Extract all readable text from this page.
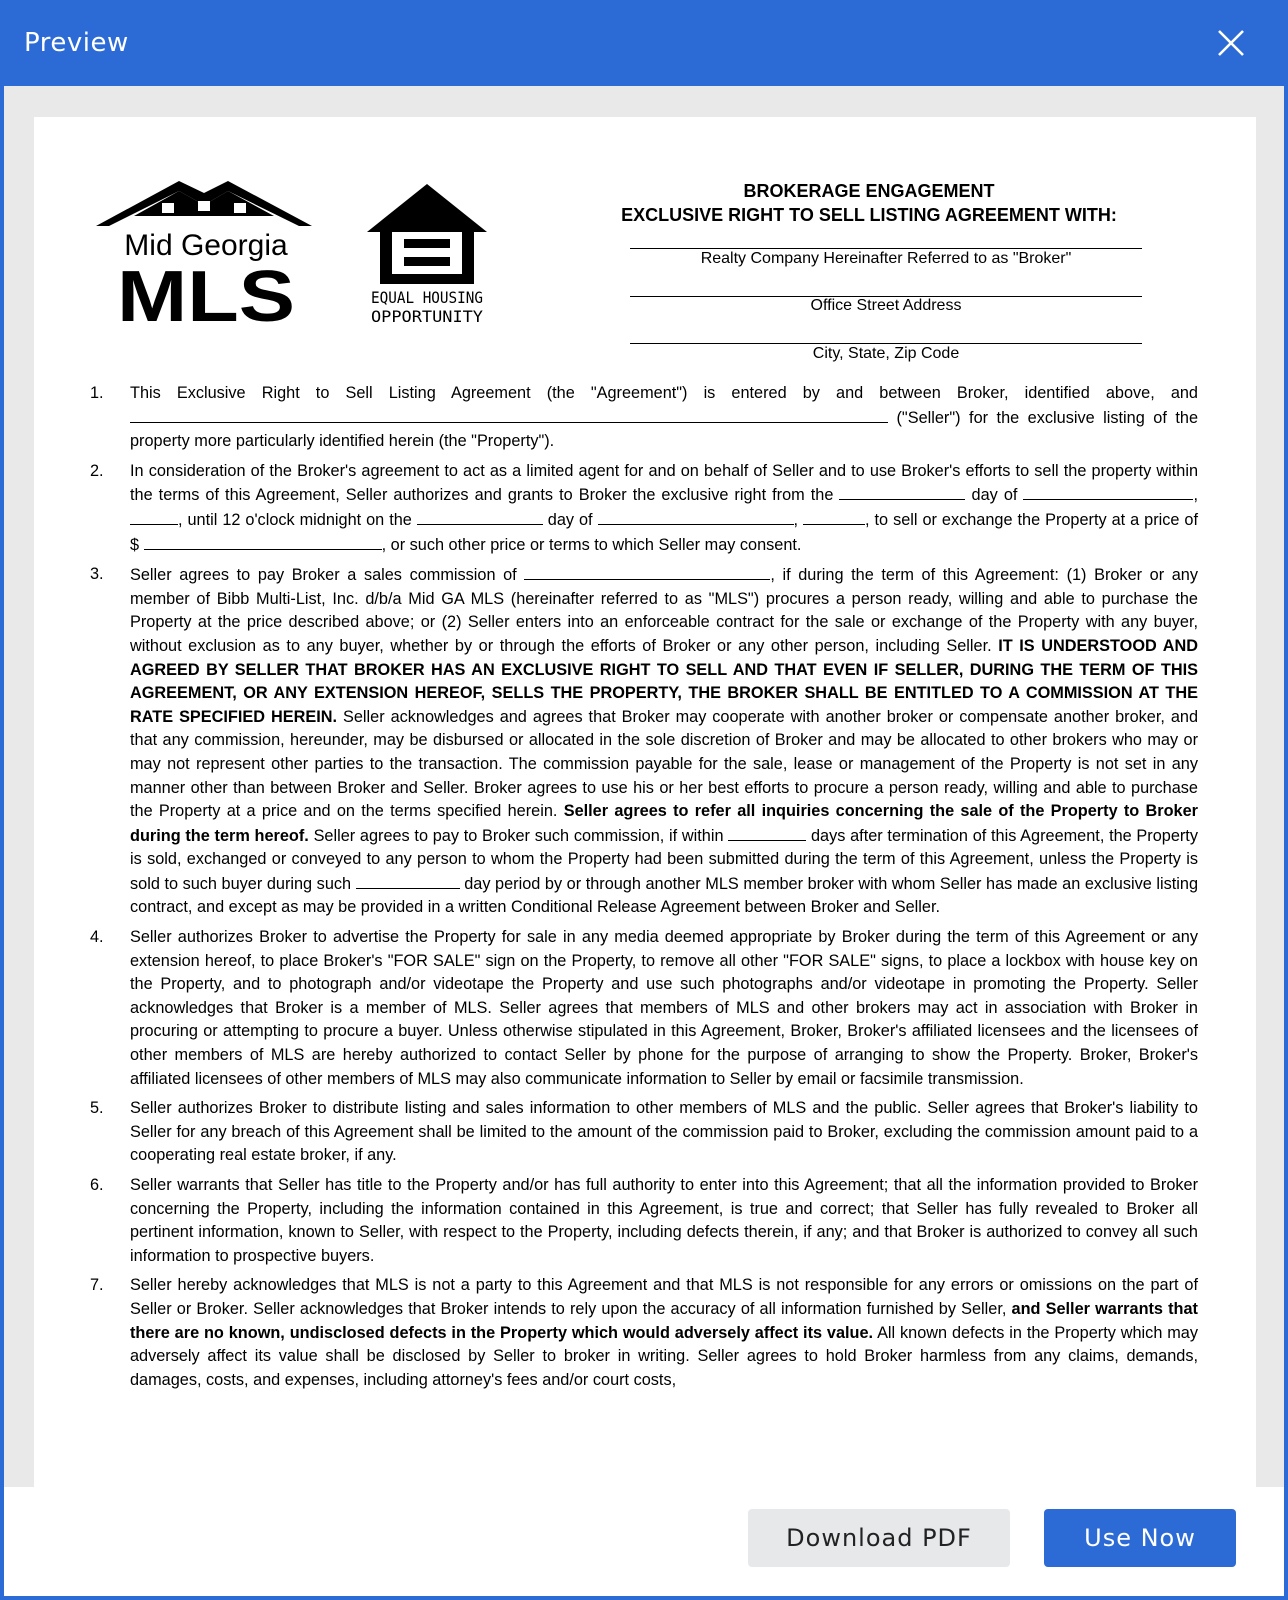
Preview
Mid Georgia
MLS	EQUAL HOUSING
OPPORTUNITY
BROKERAGE ENGAGEMENT
EXCLUSIVE RIGHT TO SELL LISTING AGREEMENT WITH:
Realty Company Hereinafter Referred to as "Broker"
Office Street Address
City, State, Zip Code
1. This Exclusive Right to Sell Listing Agreement (the "Agreement") is entered by and between Broker, identified above, and  ("Seller") for the exclusive listing of the property more particularly identified herein (the "Property").
2. In consideration of the Broker's agreement to act as a limited agent for and on behalf of Seller and to use Broker's efforts to sell the property within the terms of this Agreement, Seller authorizes and grants to Broker the exclusive right from the	day of	, , until 12 o'clock midnight on the	day of	,	, to sell or exchange the Property at a price of $	, or such other price or terms to which Seller may consent.
3. Seller agrees to pay Broker a sales commission of	, if during the term of this Agreement: (1) Broker or any member of Bibb Multi-List, Inc. d/b/a Mid GA MLS (hereinafter referred to as "MLS") procures a person ready, willing and able to purchase the Property at the price described above; or (2) Seller enters into an enforceable contract for the sale or exchange of the Property with any buyer, without exclusion as to any buyer, whether by or through the efforts of Broker or any other person, including Seller. IT IS UNDERSTOOD AND AGREED BY SELLER THAT BROKER HAS AN EXCLUSIVE RIGHT TO SELL AND THAT EVEN IF SELLER, DURING THE TERM OF THIS AGREEMENT, OR ANY EXTENSION HEREOF, SELLS THE PROPERTY, THE BROKER SHALL BE ENTITLED TO A COMMISSION AT THE RATE SPECIFIED HEREIN. Seller acknowledges and agrees that Broker may cooperate with another broker or compensate another broker, and that any commission, hereunder, may be disbursed or allocated in the sole discretion of Broker and may be allocated to other brokers who may or may not represent other parties to the transaction. The commission payable for the sale, lease or management of the Property is not set in any manner other than between Broker and Seller. Broker agrees to use his or her best efforts to procure a person ready, willing and able to purchase the Property at a price and on the terms specified herein. Seller agrees to refer all inquiries concerning the sale of the Property to Broker during the term hereof. Seller agrees to pay to Broker such commission, if within	days after termination of this Agreement, the Property is sold, exchanged or conveyed to any person to whom the Property had been submitted during the term of this Agreement, unless the Property is sold to such buyer during such	day period by or through another MLS member broker with whom Seller has made an exclusive listing contract, and except as may be provided in a written Conditional Release Agreement between Broker and Seller.
4. Seller authorizes Broker to advertise the Property for sale in any media deemed appropriate by Broker during the term of this Agreement or any extension hereof, to place Broker's "FOR SALE" sign on the Property, to remove all other "FOR SALE" signs, to place a lockbox with house key on the Property, and to photograph and/or videotape the Property and use such photographs and/or videotape in promoting the Property. Seller acknowledges that Broker is a member of MLS. Seller agrees that members of MLS and other brokers may act in association with Broker in procuring or attempting to procure a buyer. Unless otherwise stipulated in this Agreement, Broker, Broker's affiliated licensees and the licensees of other members of MLS are hereby authorized to contact Seller by phone for the purpose of arranging to show the Property. Broker, Broker's affiliated licensees of other members of MLS may also communicate information to Seller by email or facsimile transmission.
5. Seller authorizes Broker to distribute listing and sales information to other members of MLS and the public. Seller agrees that Broker's liability to Seller for any breach of this Agreement shall be limited to the amount of the commission paid to Broker, excluding the commission amount paid to a cooperating real estate broker, if any.
6. Seller warrants that Seller has title to the Property and/or has full authority to enter into this Agreement; that all the information provided to Broker concerning the Property, including the information contained in this Agreement, is true and correct; that Seller has fully revealed to Broker all pertinent information, known to Seller, with respect to the Property, including defects therein, if any; and that Broker is authorized to convey all such information to prospective buyers.
7. Seller hereby acknowledges that MLS is not a party to this Agreement and that MLS is not responsible for any errors or omissions on the part of Seller or Broker. Seller acknowledges that Broker intends to rely upon the accuracy of all information furnished by Seller, and Seller warrants that there are no known, undisclosed defects in the Property which would adversely affect its value. All known defects in the Property which may adversely affect its value shall be disclosed by Seller to broker in writing. Seller agrees to hold Broker harmless from any claims, demands, damages, costs, and expenses, including attorney's fees and/or court costs,
Download PDF	Use Now
